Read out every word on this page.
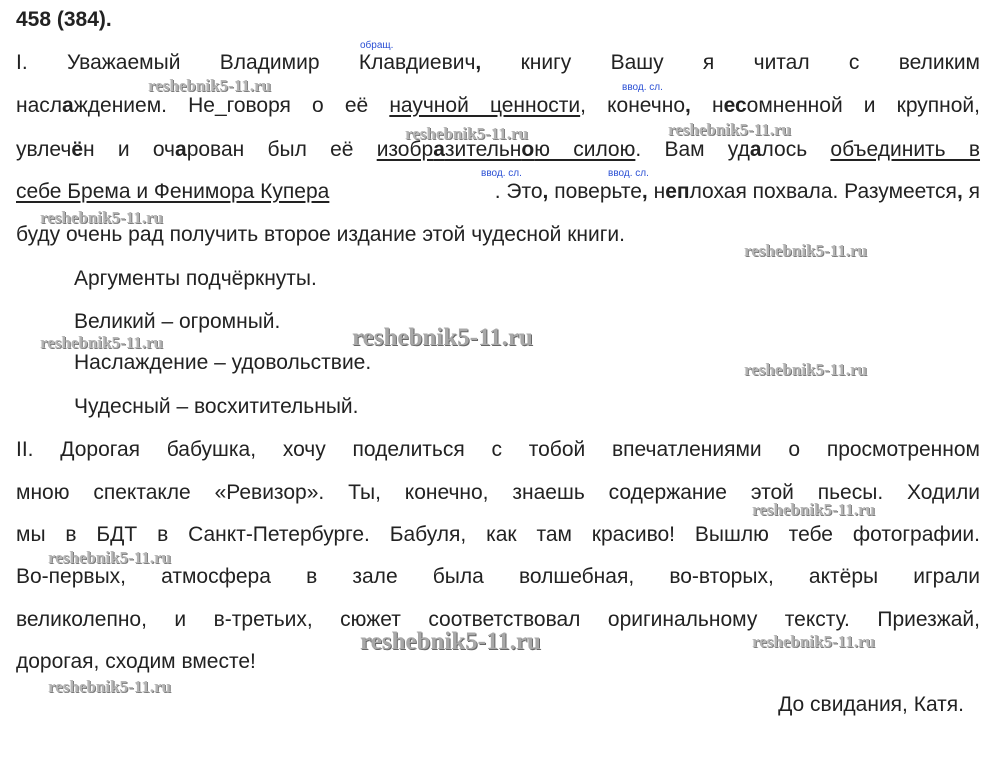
458 (384).
обращ.
ввод. сл.
ввод. сл.	ввод. сл.
I. Уважаемый Владимир Клавдиевич, книгу Вашу я читал с великим
наслаждением. Не_говоря о её научной ценности, конечно, несомненной и крупной,
увлечён и очарован был её изобразительною силою. Вам удалось объединить в
себе Брема и Фенимора Купера	. Это, поверьте, неплохая похвала. Разумеется, я
буду очень рад получить второе издание этой чудесной книги.
Аргументы подчёркнуты.
Великий – огромный.
Наслаждение – удовольствие.
Чудесный – восхитительный.
II. Дорогая бабушка, хочу поделиться с тобой впечатлениями о просмотренном
мною спектакле «Ревизор». Ты, конечно, знаешь содержание этой пьесы. Ходили
мы в БДТ в Санкт-Петербурге. Бабуля, как там красиво! Вышлю тебе фотографии.
Во-первых, атмосфера в зале была волшебная, во-вторых, актёры играли
великолепно, и в-третьих, сюжет соответствовал оригинальному тексту. Приезжай,
дорогая, сходим вместе!
До свидания, Катя.
reshebnik5-11.ru
reshebnik5-11.ru	reshebnik5-11.ru
reshebnik5-11.ru
reshebnik5-11.ru
reshebnik5-11.ru
reshebnik5-11.ru
reshebnik5-11.ru
reshebnik5-11.ru
reshebnik5-11.ru
reshebnik5-11.ru	reshebnik5-11.ru
reshebnik5-11.ru
